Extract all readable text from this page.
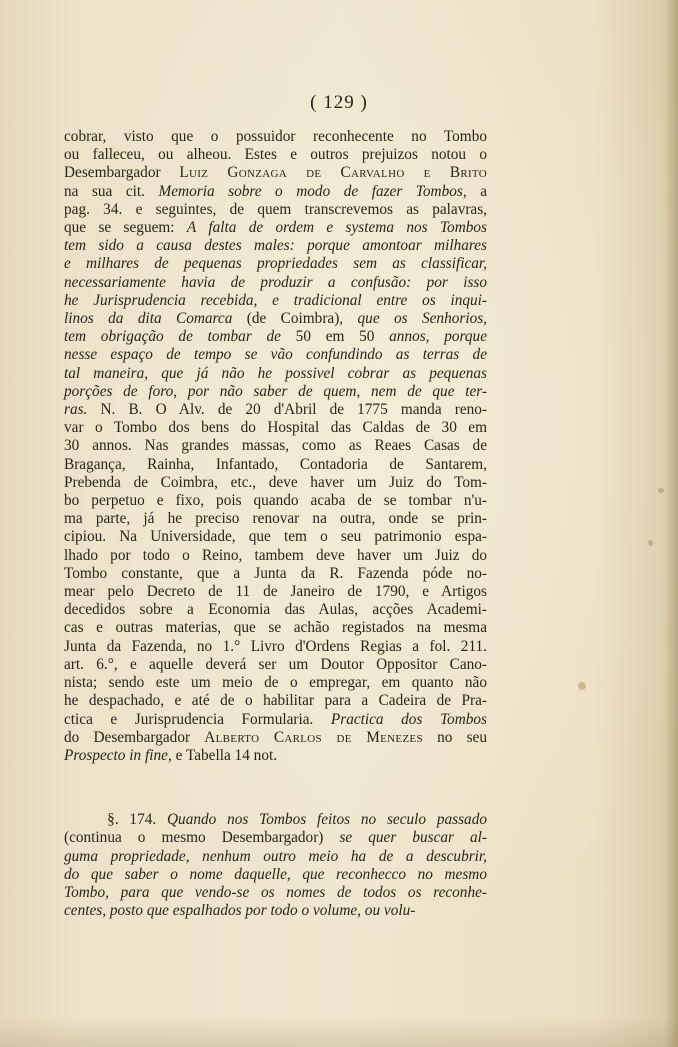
( 129 )
cobrar, visto que o possuidor reconhecente no Tombo
ou falleceu, ou alheou. Estes e outros prejuizos notou o
Desembargador Luiz Gonzaga de Carvalho e Brito
na sua cit. Memoria sobre o modo de fazer Tombos, a
pag. 34. e seguintes, de quem transcrevemos as palavras,
que se seguem: A falta de ordem e systema nos Tombos
tem sido a causa destes males: porque amontoar milhares
e milhares de pequenas propriedades sem as classificar,
necessariamente havia de produzir a confusão: por isso
he Jurisprudencia recebida, e tradicional entre os inqui-
linos da dita Comarca (de Coimbra), que os Senhorios,
tem obrigação de tombar de 50 em 50 annos, porque
nesse espaço de tempo se vão confundindo as terras de
tal maneira, que já não he possivel cobrar as pequenas
porções de foro, por não saber de quem, nem de que ter-
ras. N. B. O Alv. de 20 d'Abril de 1775 manda reno-
var o Tombo dos bens do Hospital das Caldas de 30 em
30 annos. Nas grandes massas, como as Reaes Casas de
Bragança, Rainha, Infantado, Contadoria de Santarem,
Prebenda de Coimbra, etc., deve haver um Juiz do Tom-
bo perpetuo e fixo, pois quando acaba de se tombar n'u-
ma parte, já he preciso renovar na outra, onde se prin-
cipiou. Na Universidade, que tem o seu patrimonio espa-
lhado por todo o Reino, tambem deve haver um Juiz do
Tombo constante, que a Junta da R. Fazenda póde no-
mear pelo Decreto de 11 de Janeiro de 1790, e Artigos
decedidos sobre a Economia das Aulas, acções Academi-
cas e outras materias, que se achão registados na mesma
Junta da Fazenda, no 1.° Livro d'Ordens Regias a fol. 211.
art. 6.°, e aquelle deverá ser um Doutor Oppositor Cano-
nista; sendo este um meio de o empregar, em quanto não
he despachado, e até de o habilitar para a Cadeira de Pra-
ctica e Jurisprudencia Formularia. Practica dos Tombos
do Desembargador Alberto Carlos de Menezes no seu
Prospecto in fine, e Tabella 14 not.
§. 174. Quando nos Tombos feitos no seculo passado
(continua o mesmo Desembargador) se quer buscar al-
guma propriedade, nenhum outro meio ha de a descubrir,
do que saber o nome daquelle, que reconhecco no mesmo
Tombo, para que vendo-se os nomes de todos os reconhe-
centes, posto que espalhados por todo o volume, ou volu-
